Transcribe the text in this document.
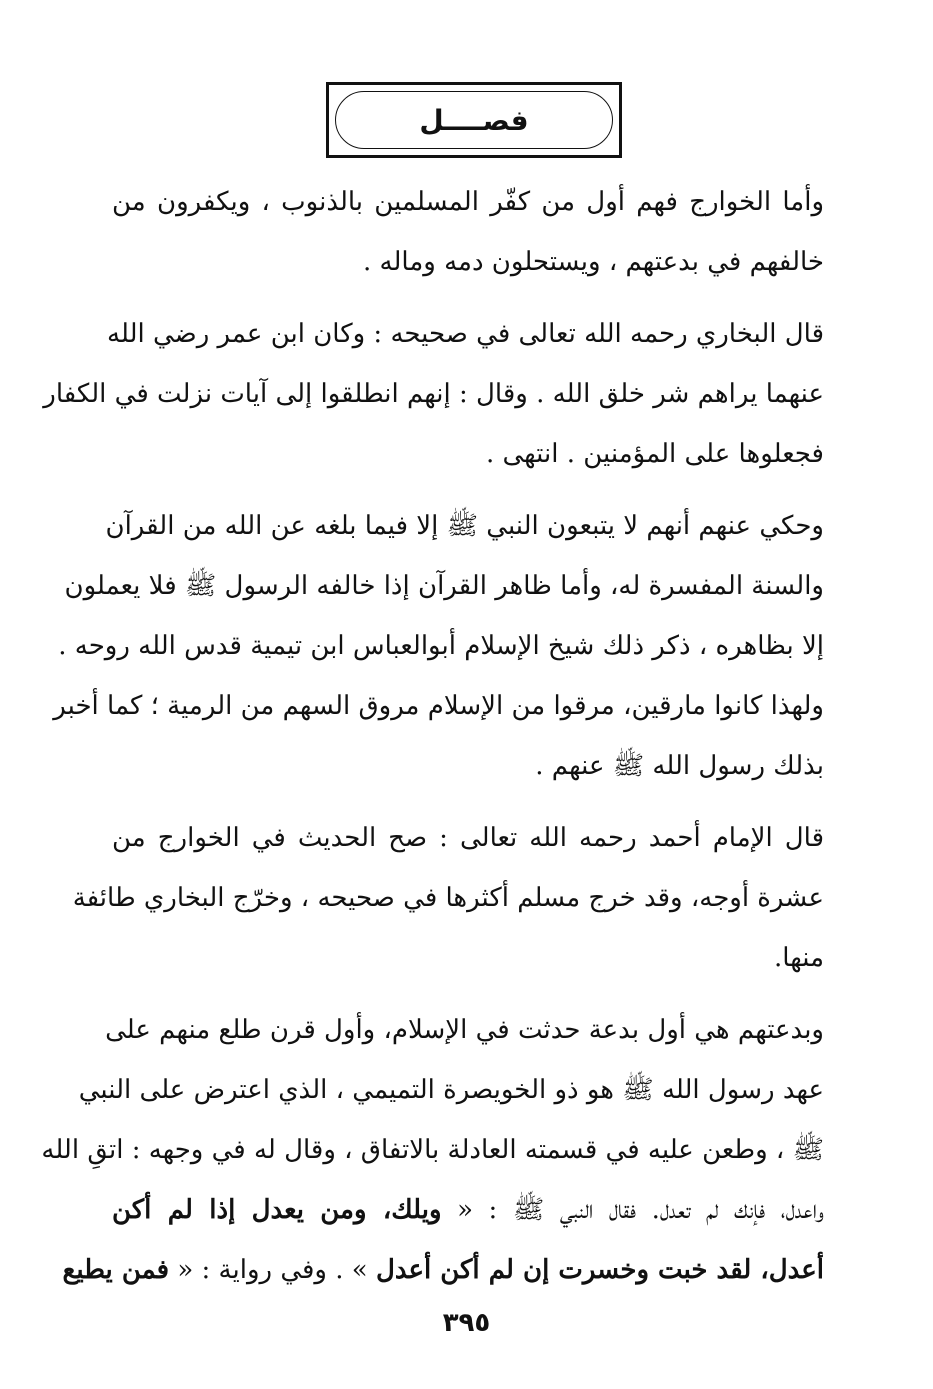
فصــــل
وأما الخوارج فهم أول من كفّر المسلمين بالذنوب ، ويكفرون من
خالفهم في بدعتهم ، ويستحلون دمه وماله .
قال البخاري رحمه الله تعالى في صحيحه : وكان ابن عمر رضي الله
عنهما يراهم شر خلق الله . وقال : إنهم انطلقوا إلى آيات نزلت في الكفار
فجعلوها على المؤمنين . انتهى .
وحكي عنهم أنهم لا يتبعون النبي ﷺ إلا فيما بلغه عن الله من القرآن
والسنة المفسرة له، وأما ظاهر القرآن إذا خالفه الرسول ﷺ فلا يعملون
إلا بظاهره ، ذكر ذلك شيخ الإسلام أبوالعباس ابن تيمية قدس الله روحه .
ولهذا كانوا مارقين، مرقوا من الإسلام مروق السهم من الرمية ؛ كما أخبر
بذلك رسول الله ﷺ عنهم .
قال الإمام أحمد رحمه الله تعالى : صح الحديث في الخوارج من
عشرة أوجه، وقد خرج مسلم أكثرها في صحيحه ، وخرّج البخاري طائفة
منها.
وبدعتهم هي أول بدعة حدثت في الإسلام، وأول قرن طلع منهم على
عهد رسول الله ﷺ هو ذو الخويصرة التميمي ، الذي اعترض على النبي
ﷺ ، وطعن عليه في قسمته العادلة بالاتفاق ، وقال له في وجهه : اتقِ الله
واعدل، فإنك لم تعدل. فقال النبي ﷺ : « ويلك، ومن يعدل إذا لم أكن
أعدل، لقد خبت وخسرت إن لم أكن أعدل » . وفي رواية : « فمن يطيع
٣٩٥
